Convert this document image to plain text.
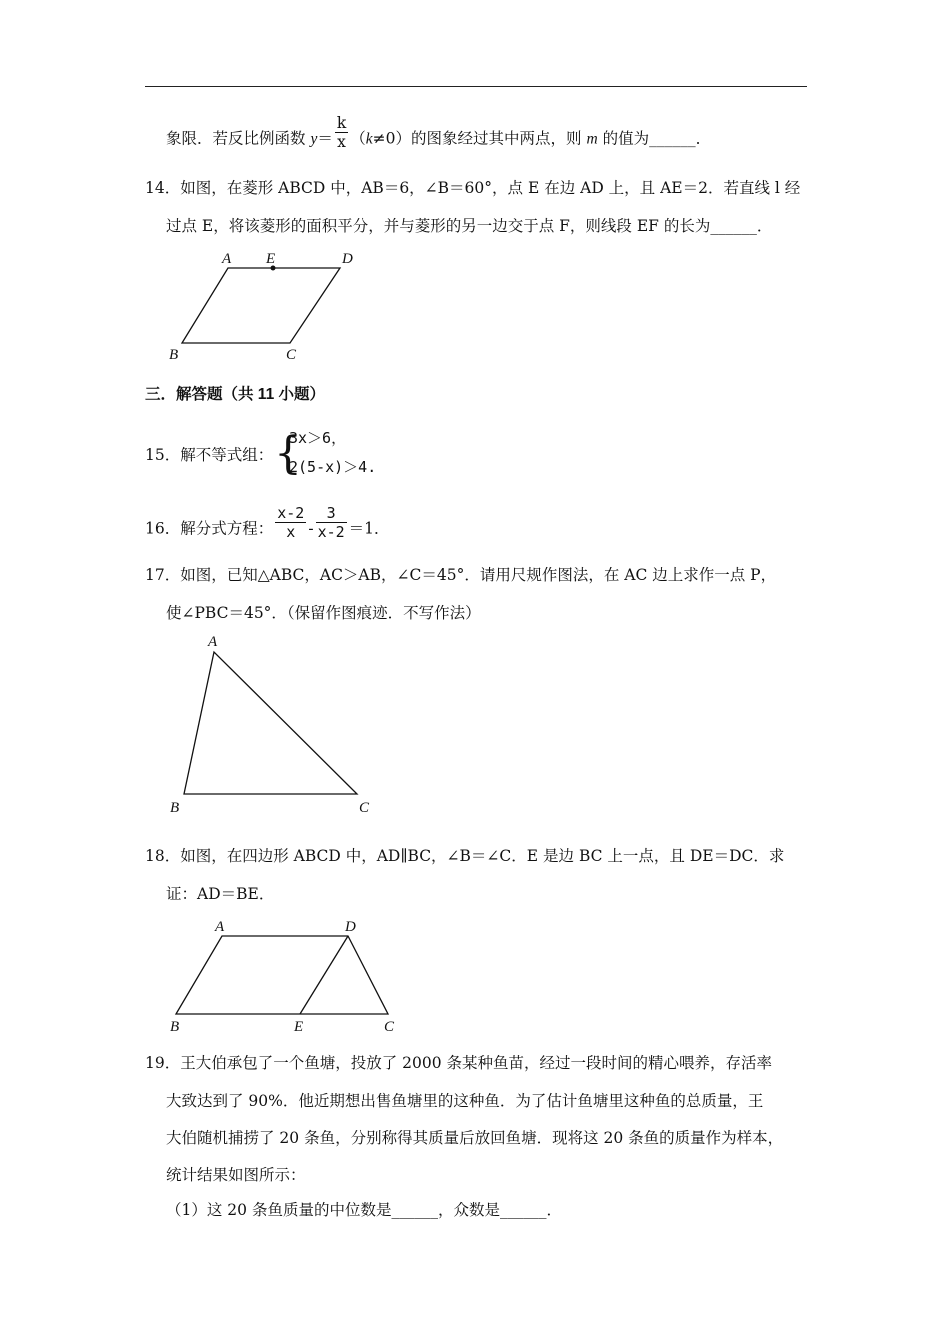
象限．若反比例函数 $y= \frac{k}{x} (k\ne 0)$的图象经过其中两点，则 m 的值为______．
14．如图，在菱形 ABCD 中，AB＝6，∠B＝60°，点 E 在边 AD 上，且 AE＝2．若直线 l 经
过点 E，将该菱形的面积平分，并与菱形的另一边交于点 F，则线段 EF 的长为______．
A E	D
B	C
三．解答题（共 11 小题）
15．解不等式组： {
3x＞6，
2(5-x)＞4.
16．解分式方程： $\frac{x-2}{x} - \frac{3}{x-2} =1$．
17．如图，已知△ABC，AC＞AB，∠C＝45°．请用尺规作图法，在 AC 边上求作一点 P，
使∠PBC＝45°．（保留作图痕迹．不写作法）
A
B	C
18．如图，在四边形 ABCD 中，AD∥BC，∠B＝∠C．E 是边 BC 上一点，且 DE＝DC．求
证：AD＝BE．
A	D
B	E	C
19．王大伯承包了一个鱼塘，投放了 2000 条某种鱼苗，经过一段时间的精心喂养，存活率
大致达到了 90%．他近期想出售鱼塘里的这种鱼．为了估计鱼塘里这种鱼的总质量，王
大伯随机捕捞了 20 条鱼，分别称得其质量后放回鱼塘．现将这 20 条鱼的质量作为样本，
统计结果如图所示：
（1）这 20 条鱼质量的中位数是______，众数是______．
